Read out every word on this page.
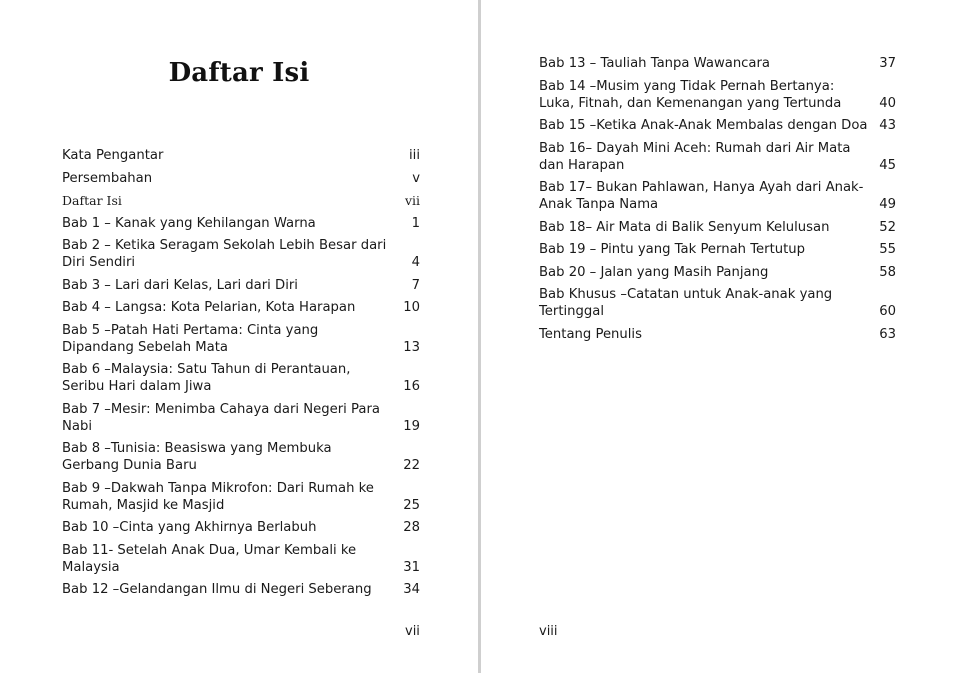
Daftar Isi
Kata Pengantar	iii
Persembahan	v
Daftar Isi	vii
Bab 1 – Kanak yang Kehilangan Warna	1
Bab 2 – Ketika Seragam Sekolah Lebih Besar dari Diri Sendiri	4
Bab 3 – Lari dari Kelas, Lari dari Diri	7
Bab 4 – Langsa: Kota Pelarian, Kota Harapan	10
Bab 5 –Patah Hati Pertama: Cinta yang Dipandang Sebelah Mata	13
Bab 6 –Malaysia: Satu Tahun di Perantauan, Seribu Hari dalam Jiwa	16
Bab 7 –Mesir: Menimba Cahaya dari Negeri Para Nabi	19
Bab 8 –Tunisia: Beasiswa yang Membuka Gerbang Dunia Baru	22
Bab 9 –Dakwah Tanpa Mikrofon: Dari Rumah ke Rumah, Masjid ke Masjid	25
Bab 10 –Cinta yang Akhirnya Berlabuh	28
Bab 11- Setelah Anak Dua, Umar Kembali ke Malaysia	31
Bab 12 –Gelandangan Ilmu di Negeri Seberang	34
vii
Bab 13 – Tauliah Tanpa Wawancara	37
Bab 14 –Musim yang Tidak Pernah Bertanya: Luka, Fitnah, dan Kemenangan yang Tertunda	40
Bab 15 –Ketika Anak-Anak Membalas dengan Doa 43
Bab 16– Dayah Mini Aceh: Rumah dari Air Mata dan Harapan	45
Bab 17– Bukan Pahlawan, Hanya Ayah dari Anak-Anak Tanpa Nama	49
Bab 18– Air Mata di Balik Senyum Kelulusan	52
Bab 19 – Pintu yang Tak Pernah Tertutup	55
Bab 20 – Jalan yang Masih Panjang	58
Bab Khusus –Catatan untuk Anak-anak yang Tertinggal	60
Tentang Penulis	63
viii
